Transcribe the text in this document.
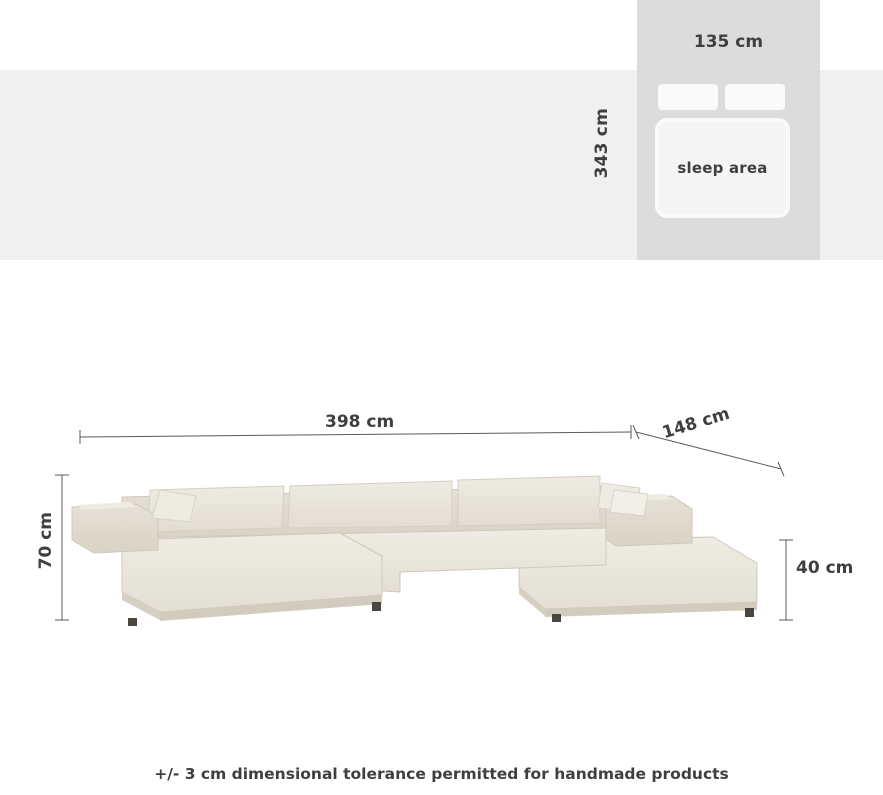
sleep area
135 cm
343 cm
398 cm	148 cm
70 cm	40 cm
+/- 3 cm dimensional tolerance permitted for handmade products
